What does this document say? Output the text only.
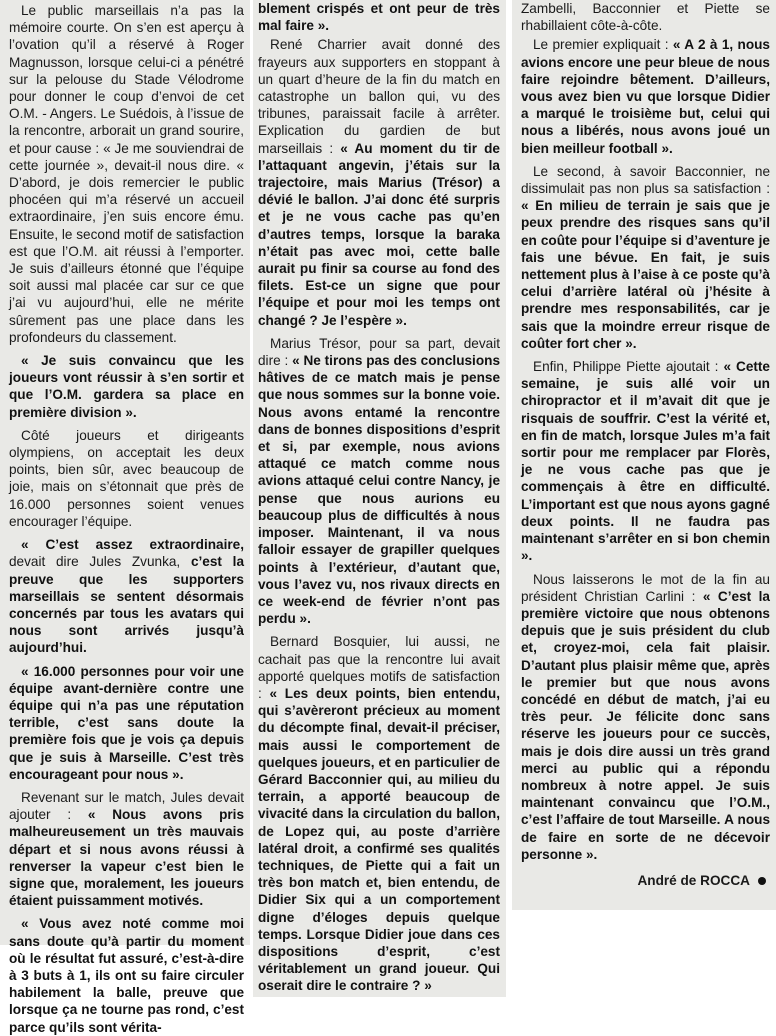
Le public marseillais n’a pas la mémoire courte. On s’en est aperçu à l’ovation qu’il a réservé à Roger Magnusson, lorsque celui-ci a pénétré sur la pelouse du Stade Vélodrome pour donner le coup d’envoi de cet O.M. - Angers. Le Suédois, à l’issue de la rencontre, arborait un grand sourire, et pour cause : « Je me souviendrai de cette journée », devait-il nous dire. « D’abord, je dois remercier le public phocéen qui m’a réservé un accueil extraordinaire, j’en suis encore ému. Ensuite, le second motif de satisfaction est que l’O.M. ait réussi à l’emporter. Je suis d’ailleurs étonné que l’équipe soit aussi mal placée car sur ce que j’ai vu aujourd’hui, elle ne mérite sûrement pas une place dans les profondeurs du classement.

« Je suis convaincu que les joueurs vont réussir à s’en sortir et que l’O.M. gardera sa place en première division ».

Côté joueurs et dirigeants olympiens, on acceptait les deux points, bien sûr, avec beaucoup de joie, mais on s’étonnait que près de 16.000 personnes soient venues encourager l’équipe.

« C’est assez extraordinaire, devait dire Jules Zvunka, c’est la preuve que les supporters marseillais se sentent désormais concernés par tous les avatars qui nous sont arrivés jusqu’à aujourd’hui.

« 16.000 personnes pour voir une équipe avant-dernière contre une équipe qui n’a pas une réputation terrible, c’est sans doute la première fois que je vois ça depuis que je suis à Marseille. C’est très encourageant pour nous ».

Revenant sur le match, Jules devait ajouter : « Nous avons pris malheureusement un très mauvais départ et si nous avons réussi à renverser la vapeur c’est bien le signe que, moralement, les joueurs étaient puissamment motivés.

« Vous avez noté comme moi sans doute qu’à partir du moment où le résultat fut assuré, c’est-à-dire à 3 buts à 1, ils ont su faire circuler habilement la balle, preuve que lorsque ça ne tourne pas rond, c’est parce qu’ils sont vérita-

blement crispés et ont peur de très mal faire ».

René Charrier avait donné des frayeurs aux supporters en stoppant à un quart d’heure de la fin du match en catastrophe un ballon qui, vu des tribunes, paraissait facile à arrêter. Explication du gardien de but marseillais : « Au moment du tir de l’attaquant angevin, j’étais sur la trajectoire, mais Marius (Trésor) a dévié le ballon. J’ai donc été surpris et je ne vous cache pas qu’en d’autres temps, lorsque la baraka n’était pas avec moi, cette balle aurait pu finir sa course au fond des filets. Est-ce un signe que pour l’équipe et pour moi les temps ont changé ? Je l’espère ».

Marius Trésor, pour sa part, devait dire : « Ne tirons pas des conclusions hâtives de ce match mais je pense que nous sommes sur la bonne voie. Nous avons entamé la rencontre dans de bonnes dispositions d’esprit et si, par exemple, nous avions attaqué ce match comme nous avions attaqué celui contre Nancy, je pense que nous aurions eu beaucoup plus de difficultés à nous imposer. Maintenant, il va nous falloir essayer de grapiller quelques points à l’extérieur, d’autant que, vous l’avez vu, nos rivaux directs en ce week-end de février n’ont pas perdu ».

Bernard Bosquier, lui aussi, ne cachait pas que la rencontre lui avait apporté quelques motifs de satisfaction : « Les deux points, bien entendu, qui s’avèreront précieux au moment du décompte final, devait-il préciser, mais aussi le comportement de quelques joueurs, et en particulier de Gérard Bacconnier qui, au milieu du terrain, a apporté beaucoup de vivacité dans la circulation du ballon, de Lopez qui, au poste d’arrière latéral droit, a confirmé ses qualités techniques, de Piette qui a fait un très bon match et, bien entendu, de Didier Six qui a un comportement digne d’éloges depuis quelque temps. Lorsque Didier joue dans ces dispositions d’esprit, c’est véritablement un grand joueur. Qui oserait dire le contraire ? »

Zambelli, Bacconnier et Piette se rhabillaient côte-à-côte.

Le premier expliquait : « A 2 à 1, nous avions encore une peur bleue de nous faire rejoindre bêtement. D’ailleurs, vous avez bien vu que lorsque Didier a marqué le troisième but, celui qui nous a libérés, nous avons joué un bien meilleur football ».

Le second, à savoir Bacconnier, ne dissimulait pas non plus sa satisfaction : « En milieu de terrain je sais que je peux prendre des risques sans qu’il en coûte pour l’équipe si d’aventure je fais une bévue. En fait, je suis nettement plus à l’aise à ce poste qu’à celui d’arrière latéral où j’hésite à prendre mes responsabilités, car je sais que la moindre erreur risque de coûter fort cher ».

Enfin, Philippe Piette ajoutait : « Cette semaine, je suis allé voir un chiropractor et il m’avait dit que je risquais de souffrir. C’est la vérité et, en fin de match, lorsque Jules m’a fait sortir pour me remplacer par Florès, je ne vous cache pas que je commençais à être en difficulté. L’important est que nous ayons gagné deux points. Il ne faudra pas maintenant s’arrêter en si bon chemin ».

Nous laisserons le mot de la fin au président Christian Carlini : « C’est la première victoire que nous obtenons depuis que je suis président du club et, croyez-moi, cela fait plaisir. D’autant plus plaisir même que, après le premier but que nous avons concédé en début de match, j’ai eu très peur. Je félicite donc sans réserve les joueurs pour ce succès, mais je dois dire aussi un très grand merci au public qui a répondu nombreux à notre appel. Je suis maintenant convaincu que l’O.M., c’est l’affaire de tout Marseille. A nous de faire en sorte de ne décevoir personne ».

André de ROCCA
